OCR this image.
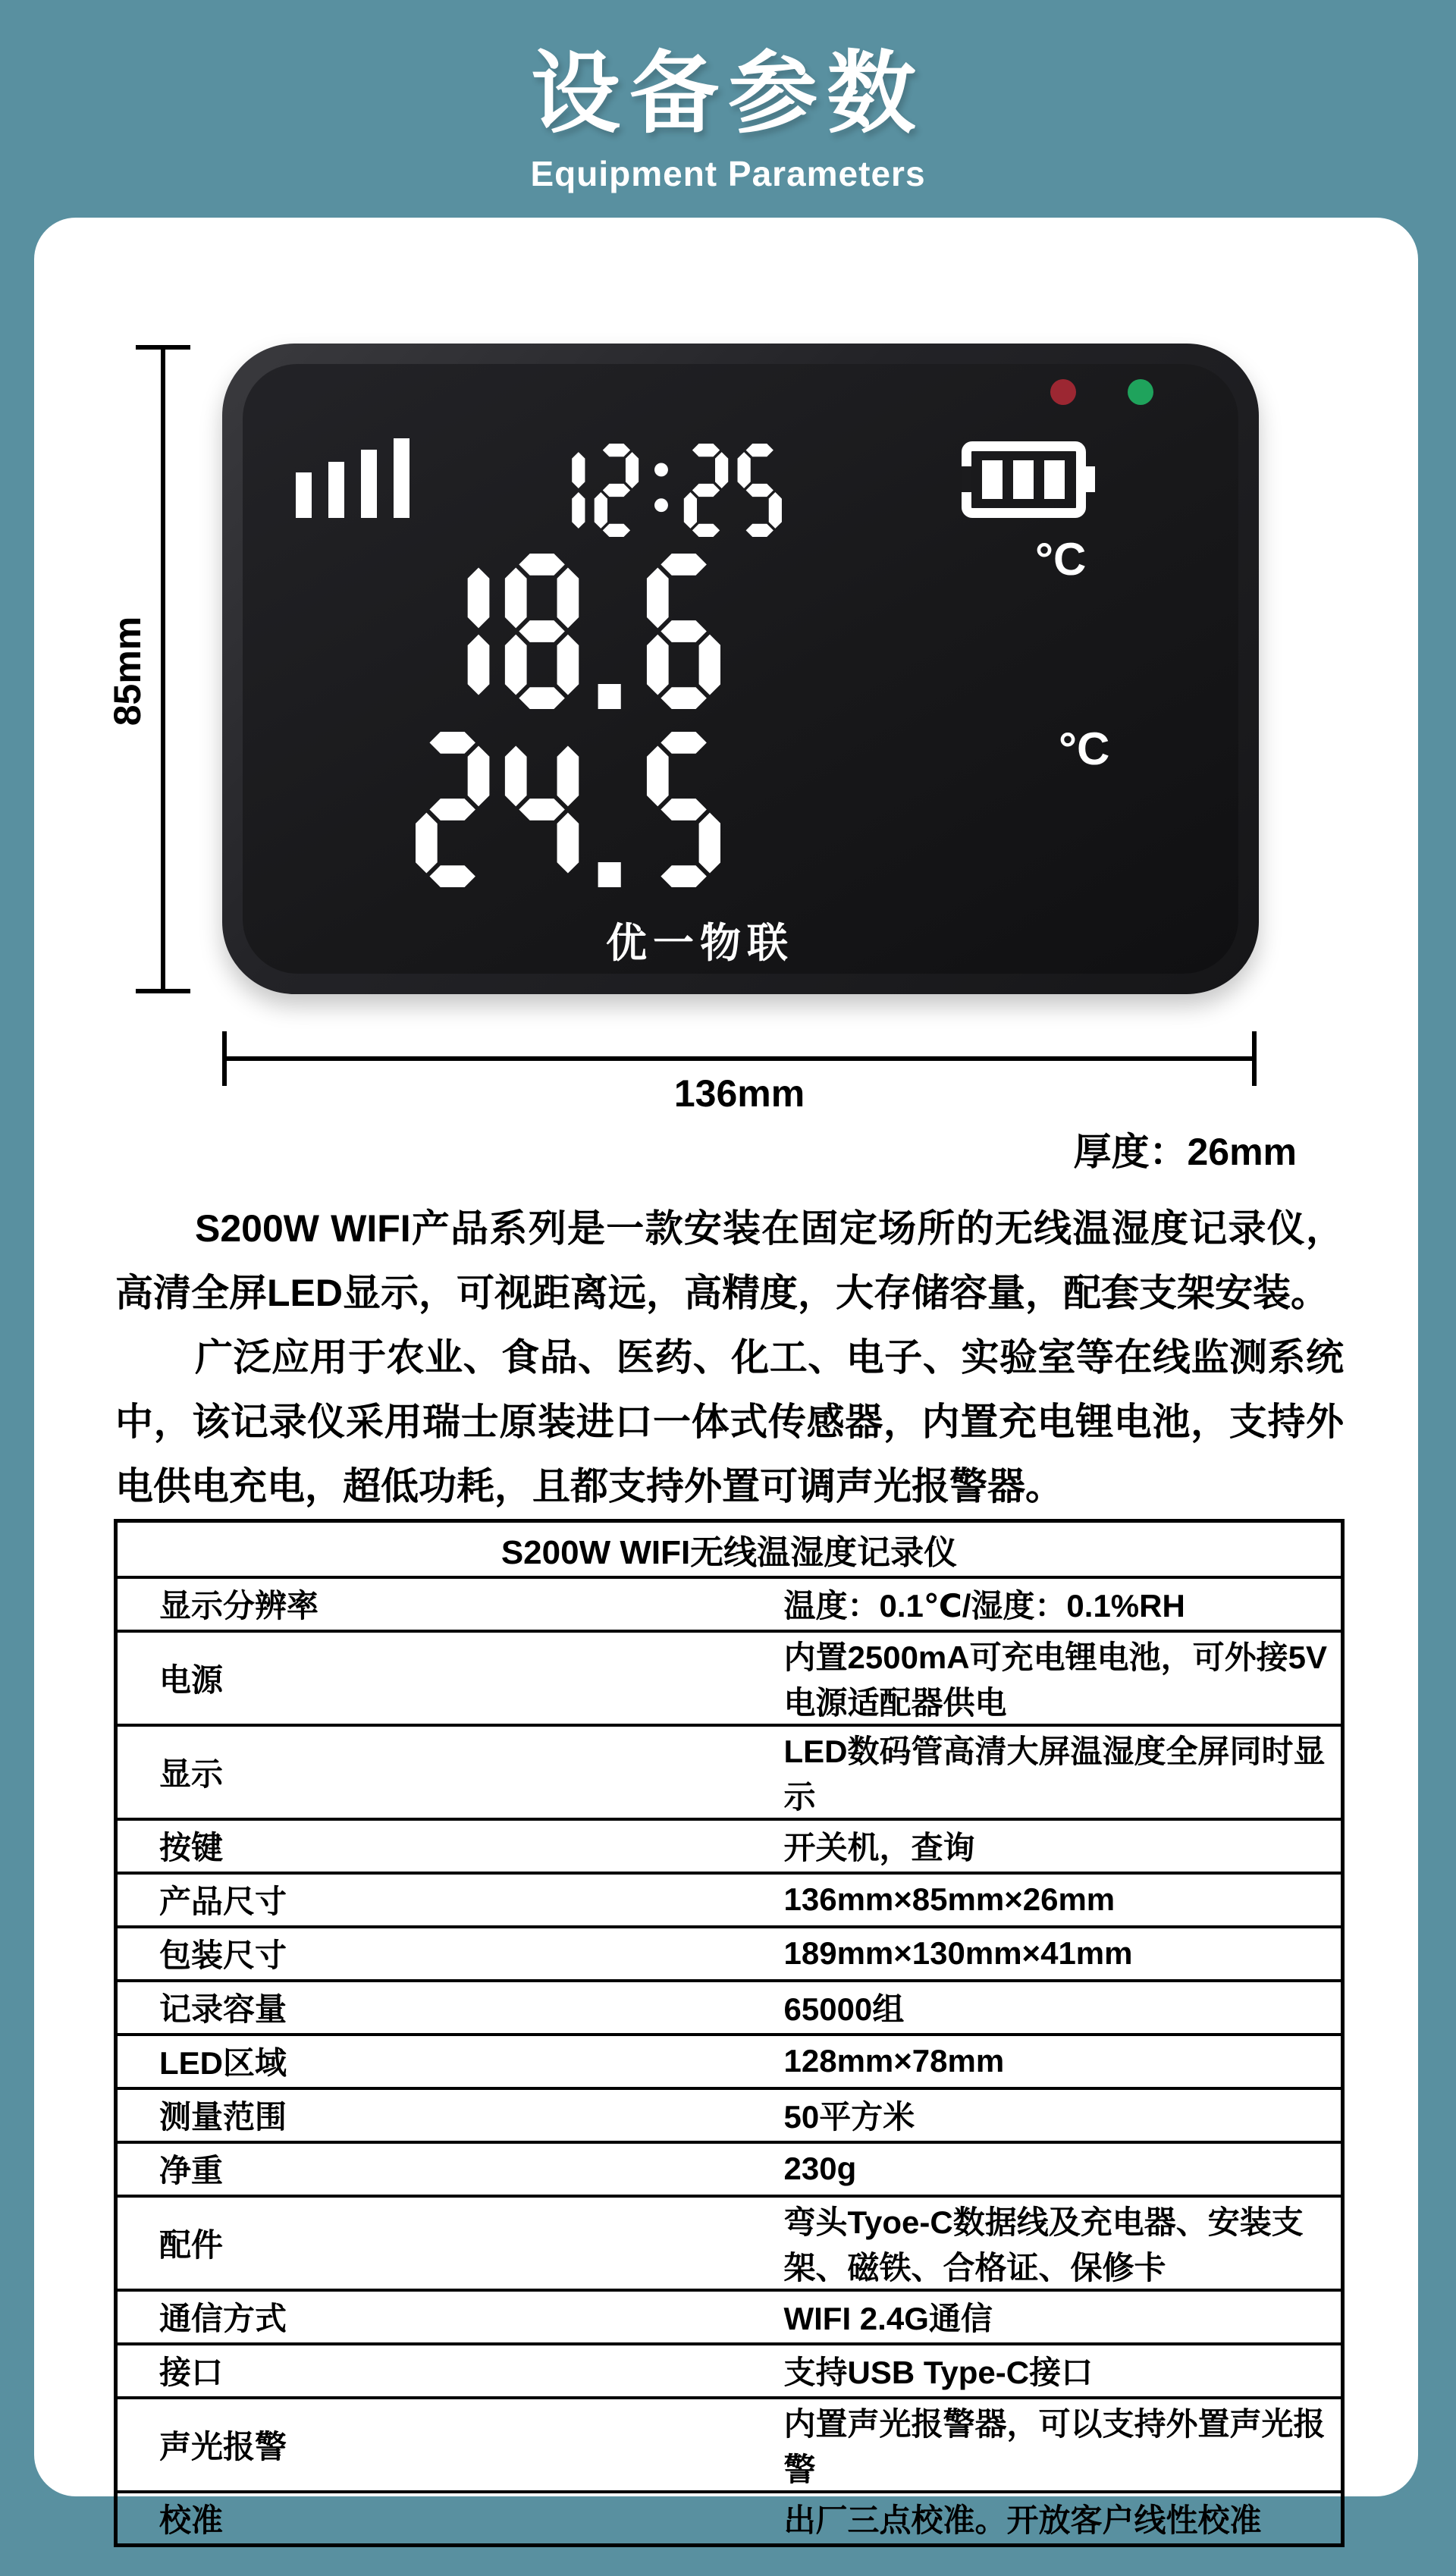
设备参数
Equipment Parameters
°C
°C
优一物联
85mm
136mm
厚度：26mm

S200W WIFI产品系列是一款安装在固定场所的无线温湿度记录仪，高清全屏LED显示，可视距离远，高精度，大存储容量，配套支架安装。

广泛应用于农业、食品、医药、化工、电子、实验室等在线监测系统中，该记录仪采用瑞士原装进口一体式传感器，内置充电锂电池，支持外电供电充电，超低功耗，且都支持外置可调声光报警器。

S200W WIFI无线温湿度记录仪	
显示分辨率	温度：0.1℃/湿度：0.1%RH
电源	内置2500mA可充电锂电池，可外接5V电源适配器供电
显示	LED数码管高清大屏温湿度全屏同时显示
按键	开关机，查询
产品尺寸	136mm×85mm×26mm
包装尺寸	189mm×130mm×41mm
记录容量	65000组
LED区域	128mm×78mm
测量范围	50平方米
净重	230g
配件	弯头Tyoe-C数据线及充电器、安装支架、磁铁、合格证、保修卡
通信方式	WIFI 2.4G通信
接口	支持USB Type-C接口
声光报警	内置声光报警器，可以支持外置声光报警
校准	出厂三点校准。开放客户线性校准
